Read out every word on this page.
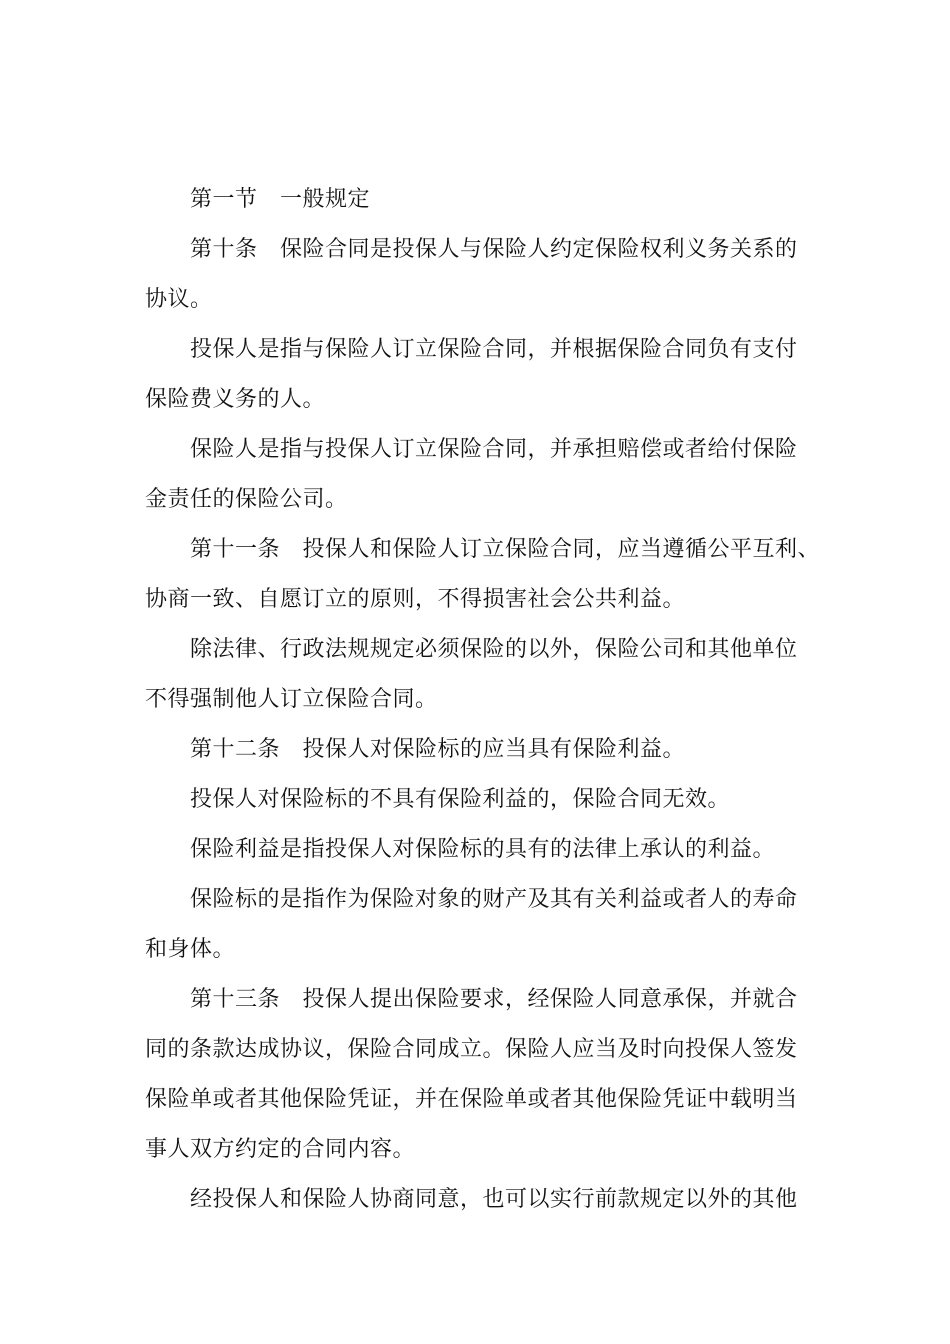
第一节　一般规定
第十条　保险合同是投保人与保险人约定保险权利义务关系的
协议。
投保人是指与保险人订立保险合同，并根据保险合同负有支付
保险费义务的人。
保险人是指与投保人订立保险合同，并承担赔偿或者给付保险
金责任的保险公司。
第十一条　投保人和保险人订立保险合同，应当遵循公平互利、
协商一致、自愿订立的原则，不得损害社会公共利益。
除法律、行政法规规定必须保险的以外，保险公司和其他单位
不得强制他人订立保险合同。
第十二条　投保人对保险标的应当具有保险利益。
投保人对保险标的不具有保险利益的，保险合同无效。
保险利益是指投保人对保险标的具有的法律上承认的利益。
保险标的是指作为保险对象的财产及其有关利益或者人的寿命
和身体。
第十三条　投保人提出保险要求，经保险人同意承保，并就合
同的条款达成协议，保险合同成立。保险人应当及时向投保人签发
保险单或者其他保险凭证，并在保险单或者其他保险凭证中载明当
事人双方约定的合同内容。
经投保人和保险人协商同意，也可以实行前款规定以外的其他
